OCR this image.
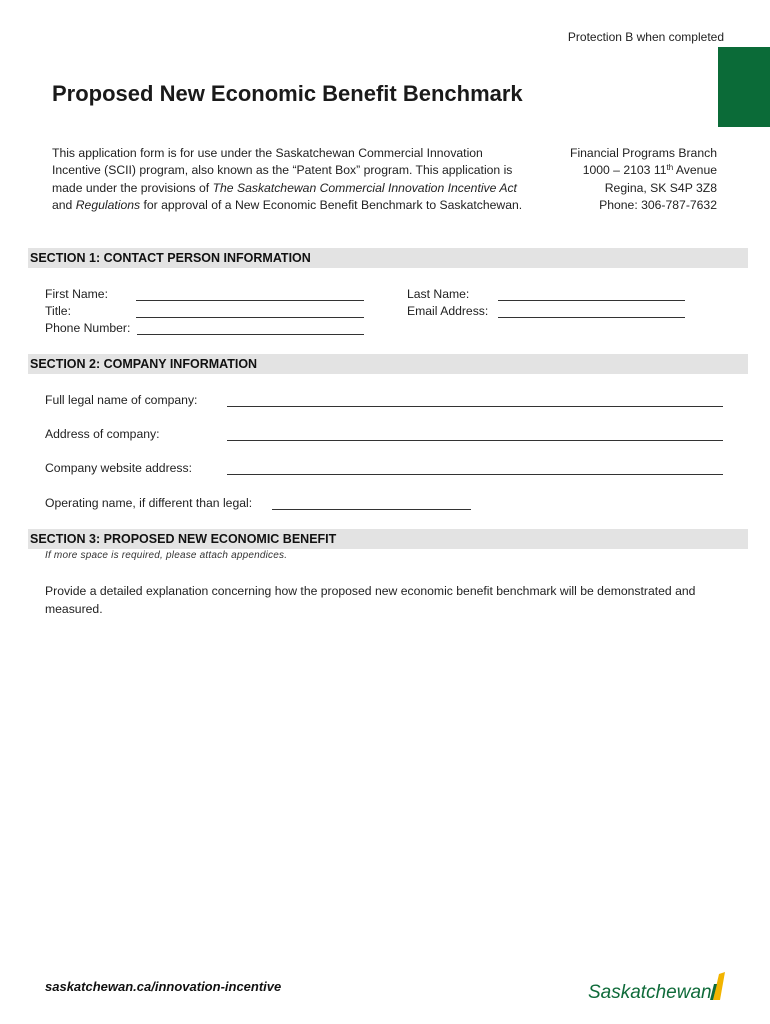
Protection B when completed
Proposed New Economic Benefit Benchmark
This application form is for use under the Saskatchewan Commercial Innovation Incentive (SCII) program, also known as the “Patent Box” program. This application is made under the provisions of The Saskatchewan Commercial Innovation Incentive Act and Regulations for approval of a New Economic Benefit Benchmark to Saskatchewan.
Financial Programs Branch
1000 – 2103 11th Avenue
Regina, SK S4P 3Z8
Phone: 306-787-7632
SECTION 1: CONTACT PERSON INFORMATION
First Name:
Title:
Phone Number:
Last Name:
Email Address:
SECTION 2: COMPANY INFORMATION
Full legal name of company:
Address of company:
Company website address:
Operating name, if different than legal:
SECTION 3: PROPOSED NEW ECONOMIC BENEFIT
If more space is required, please attach appendices.
Provide a detailed explanation concerning how the proposed new economic benefit benchmark will be demonstrated and measured.
saskatchewan.ca/innovation-incentive	Saskatchewan
